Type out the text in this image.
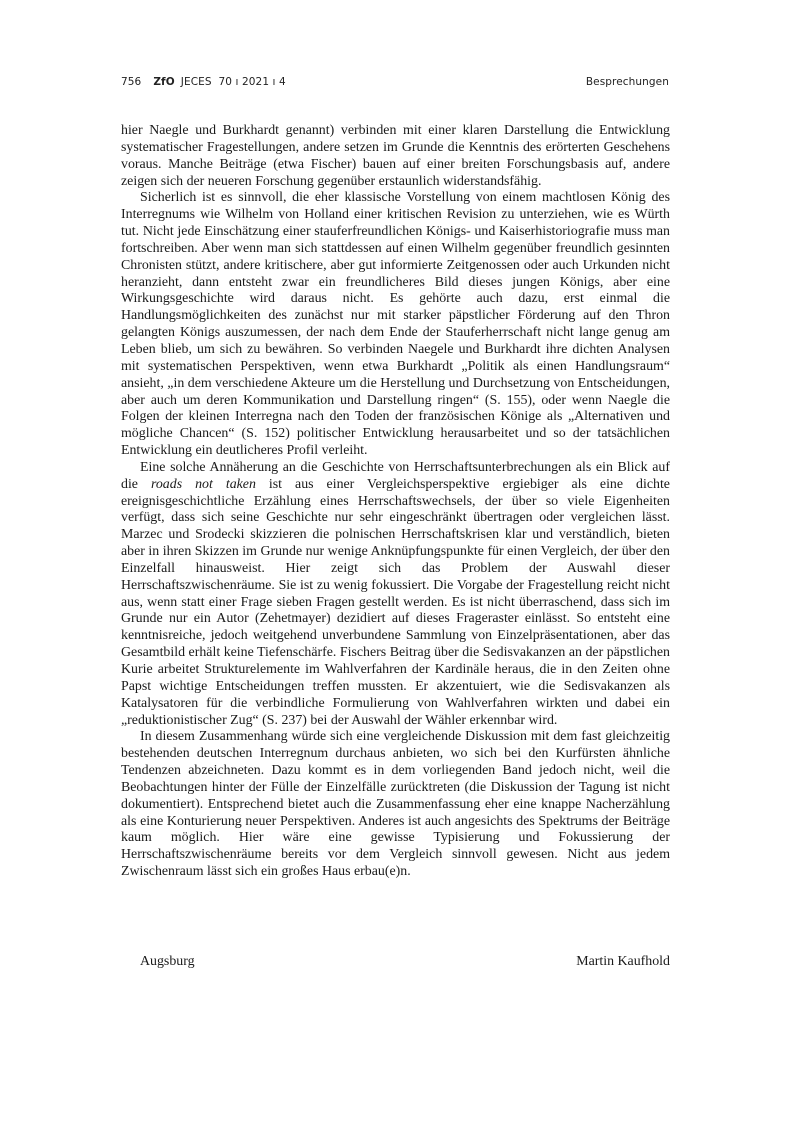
756 ZfO JECES 70 ı 2021 ı 4	Besprechungen

hier Naegle und Burkhardt genannt) verbinden mit einer klaren Darstellung die Entwicklung systematischer Fragestellungen, andere setzen im Grunde die Kenntnis des erörterten Geschehens voraus. Manche Beiträge (etwa Fischer) bauen auf einer breiten Forschungsbasis auf, andere zeigen sich der neueren Forschung gegenüber erstaunlich widerstandsfähig.

Sicherlich ist es sinnvoll, die eher klassische Vorstellung von einem machtlosen König des Interregnums wie Wilhelm von Holland einer kritischen Revision zu unterziehen, wie es Würth tut. Nicht jede Einschätzung einer stauferfreundlichen Königs- und Kaiserhistoriografie muss man fortschreiben. Aber wenn man sich stattdessen auf einen Wilhelm gegenüber freundlich gesinnten Chronisten stützt, andere kritischere, aber gut informierte Zeitgenossen oder auch Urkunden nicht heranzieht, dann entsteht zwar ein freundlicheres Bild dieses jungen Königs, aber eine Wirkungsgeschichte wird daraus nicht. Es gehörte auch dazu, erst einmal die Handlungsmöglichkeiten des zunächst nur mit starker päpstlicher Förderung auf den Thron gelangten Königs auszumessen, der nach dem Ende der Stauferherrschaft nicht lange genug am Leben blieb, um sich zu bewähren. So verbinden Naegele und Burkhardt ihre dichten Analysen mit systematischen Perspektiven, wenn etwa Burkhardt „Politik als einen Handlungsraum“ ansieht, „in dem verschiedene Akteure um die Herstellung und Durchsetzung von Entscheidungen, aber auch um deren Kommunikation und Darstellung ringen“ (S. 155), oder wenn Naegle die Folgen der kleinen Interregna nach den Toden der französischen Könige als „Alternativen und mögliche Chancen“ (S. 152) politischer Entwicklung herausarbeitet und so der tatsächlichen Entwicklung ein deutlicheres Profil verleiht.

Eine solche Annäherung an die Geschichte von Herrschaftsunterbrechungen als ein Blick auf die roads not taken ist aus einer Vergleichsperspektive ergiebiger als eine dichte ereignisgeschichtliche Erzählung eines Herrschaftswechsels, der über so viele Eigenheiten verfügt, dass sich seine Geschichte nur sehr eingeschränkt übertragen oder vergleichen lässt. Marzec und Srodecki skizzieren die polnischen Herrschaftskrisen klar und verständlich, bieten aber in ihren Skizzen im Grunde nur wenige Anknüpfungspunkte für einen Vergleich, der über den Einzelfall hinausweist. Hier zeigt sich das Problem der Auswahl dieser Herrschaftszwischenräume. Sie ist zu wenig fokussiert. Die Vorgabe der Fragestellung reicht nicht aus, wenn statt einer Frage sieben Fragen gestellt werden. Es ist nicht überraschend, dass sich im Grunde nur ein Autor (Zehetmayer) dezidiert auf dieses Frageraster einlässt. So entsteht eine kenntnisreiche, jedoch weitgehend unverbundene Sammlung von Einzelpräsentationen, aber das Gesamtbild erhält keine Tiefenschärfe. Fischers Beitrag über die Sedisvakanzen an der päpstlichen Kurie arbeitet Strukturelemente im Wahlverfahren der Kardinäle heraus, die in den Zeiten ohne Papst wichtige Entscheidungen treffen mussten. Er akzentuiert, wie die Sedisvakanzen als Katalysatoren für die verbindliche Formulierung von Wahlverfahren wirkten und dabei ein „reduktionistischer Zug“ (S. 237) bei der Auswahl der Wähler erkennbar wird.

In diesem Zusammenhang würde sich eine vergleichende Diskussion mit dem fast gleichzeitig bestehenden deutschen Interregnum durchaus anbieten, wo sich bei den Kurfürsten ähnliche Tendenzen abzeichneten. Dazu kommt es in dem vorliegenden Band jedoch nicht, weil die Beobachtungen hinter der Fülle der Einzelfälle zurücktreten (die Diskussion der Tagung ist nicht dokumentiert). Entsprechend bietet auch die Zusammenfassung eher eine knappe Nacherzählung als eine Konturierung neuer Perspektiven. Anderes ist auch angesichts des Spektrums der Beiträge kaum möglich. Hier wäre eine gewisse Typisierung und Fokussierung der Herrschaftszwischenräume bereits vor dem Vergleich sinnvoll gewesen. Nicht aus jedem Zwischenraum lässt sich ein großes Haus erbau(e)n.

Augsburg	Martin Kaufhold
